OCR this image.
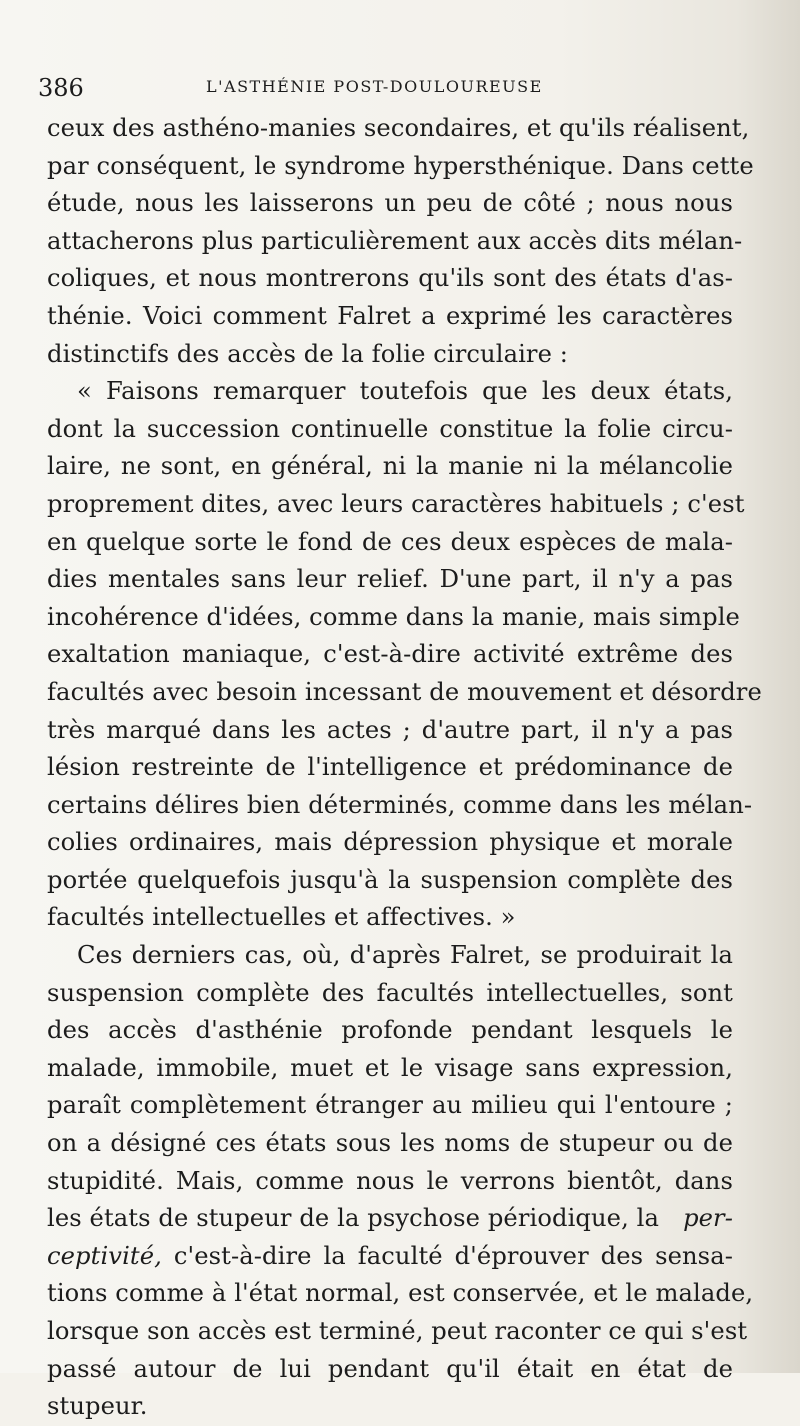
386	L'ASTHÉNIE POST-DOULOUREUSE
ceux des asthéno-manies secondaires, et qu'ils réalisent,
par conséquent, le syndrome hypersthénique. Dans cette
étude, nous les laisserons un peu de côté ; nous nous
attacherons plus particulièrement aux accès dits mélan-
coliques, et nous montrerons qu'ils sont des états d'as-
thénie. Voici comment Falret a exprimé les caractères
distinctifs des accès de la folie circulaire :
« Faisons remarquer toutefois que les deux états,
dont la succession continuelle constitue la folie circu-
laire, ne sont, en général, ni la manie ni la mélancolie
proprement dites, avec leurs caractères habituels ; c'est
en quelque sorte le fond de ces deux espèces de mala-
dies mentales sans leur relief. D'une part, il n'y a pas
incohérence d'idées, comme dans la manie, mais simple
exaltation maniaque, c'est-à-dire activité extrême des
facultés avec besoin incessant de mouvement et désordre
très marqué dans les actes ; d'autre part, il n'y a pas
lésion restreinte de l'intelligence et prédominance de
certains délires bien déterminés, comme dans les mélan-
colies ordinaires, mais dépression physique et morale
portée quelquefois jusqu'à la suspension complète des
facultés intellectuelles et affectives. »
Ces derniers cas, où, d'après Falret, se produirait la
suspension complète des facultés intellectuelles, sont
des accès d'asthénie profonde pendant lesquels le
malade, immobile, muet et le visage sans expression,
paraît complètement étranger au milieu qui l'entoure ;
on a désigné ces états sous les noms de stupeur ou de
stupidité. Mais, comme nous le verrons bientôt, dans
les états de stupeur de la psychose périodique, la per-
ceptivité, c'est-à-dire la faculté d'éprouver des sensa-
tions comme à l'état normal, est conservée, et le malade,
lorsque son accès est terminé, peut raconter ce qui s'est
passé autour de lui pendant qu'il était en état de
stupeur.
